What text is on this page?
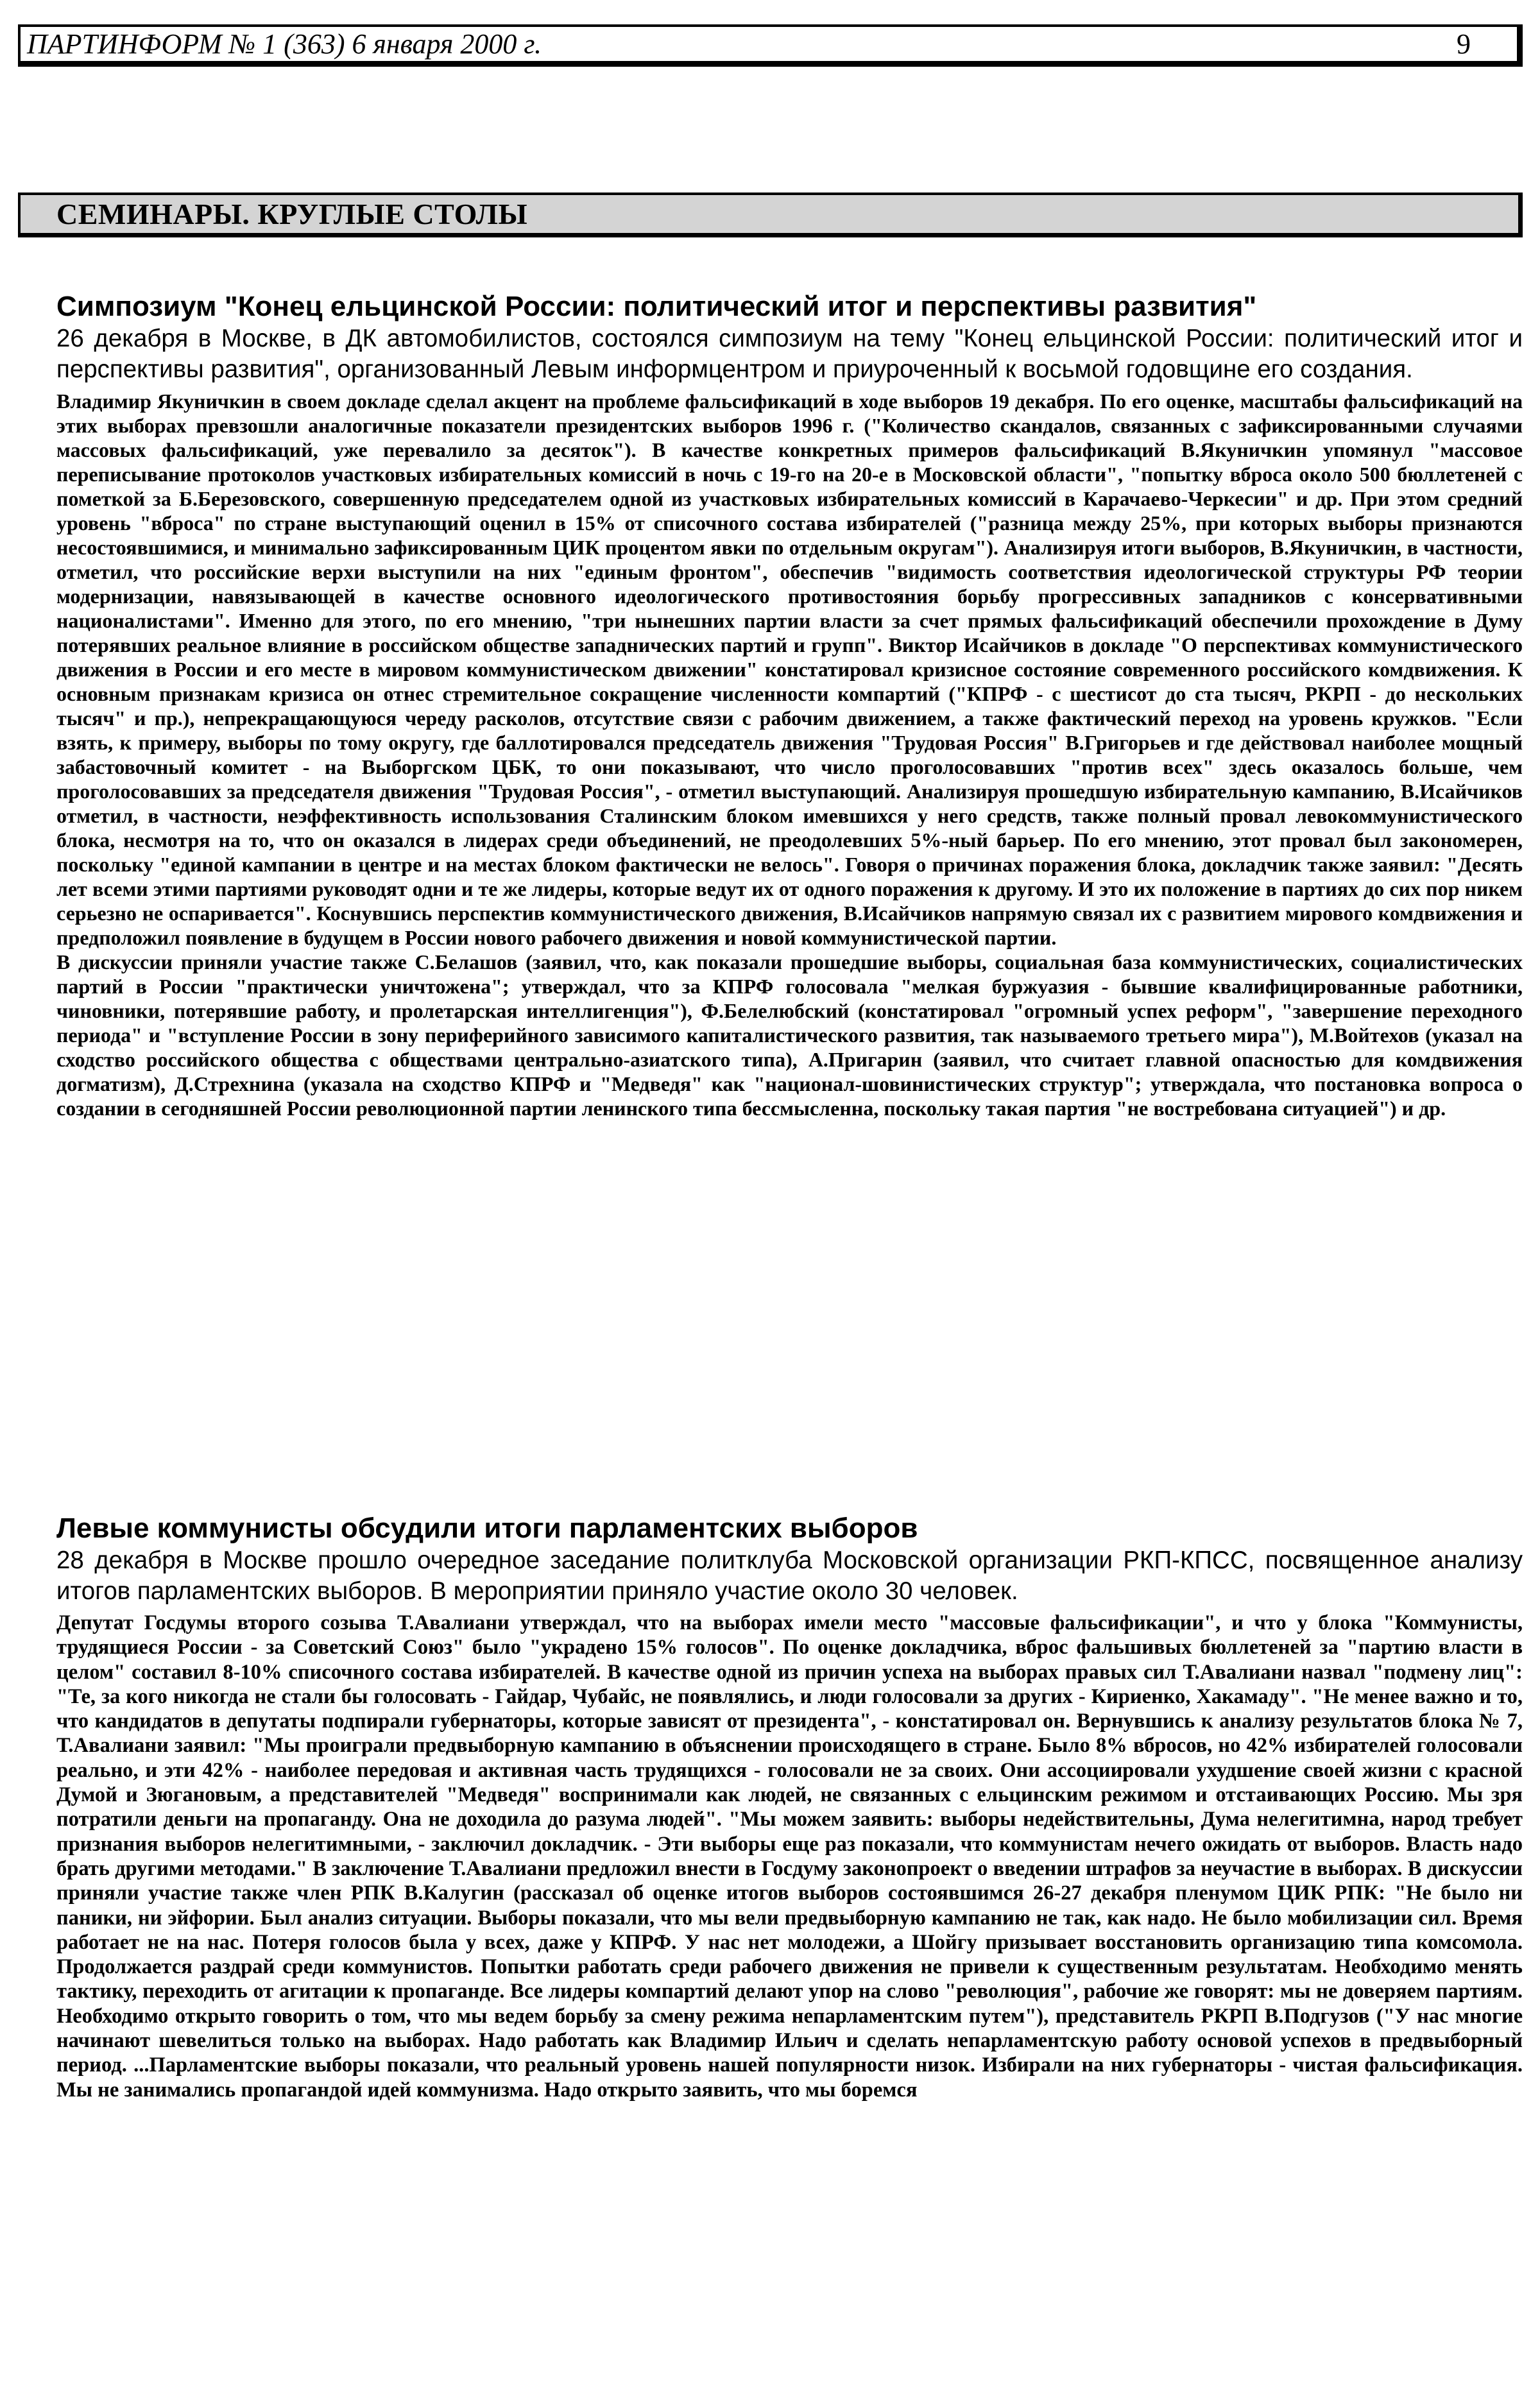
ПАРТИНФОРМ № 1 (363) 6 января 2000 г.	9
СЕМИНАРЫ. КРУГЛЫЕ СТОЛЫ
Симпозиум "Конец ельцинской России: политический итог и перспективы развития"

26 декабря в Москве, в ДК автомобилистов, состоялся симпозиум на тему "Конец ельцинской России: политический итог и перспективы развития", организованный Левым информцентром и приуроченный к восьмой годовщине его создания.

Владимир Якуничкин в своем докладе сделал акцент на проблеме фальсификаций в ходе выборов 19 декабря. По его оценке, масштабы фальсификаций на этих выборах превзошли аналогичные показатели президентских выборов 1996 г. ("Количество скандалов, связанных с зафиксированными случаями массовых фальсификаций, уже перевалило за десяток"). В качестве конкретных примеров фальсификаций В.Якуничкин упомянул "массовое переписывание протоколов участковых избирательных комиссий в ночь с 19-го на 20-е в Московской области", "попытку вброса около 500 бюллетеней с пометкой за Б.Березовского, совершенную председателем одной из участковых избирательных комиссий в Карачаево-Черкесии" и др. При этом средний уровень "вброса" по стране выступающий оценил в 15% от списочного состава избирателей ("разница между 25%, при которых выборы признаются несостоявшимися, и минимально зафиксированным ЦИК процентом явки по отдельным округам"). Анализируя итоги выборов, В.Якуничкин, в частности, отметил, что российские верхи выступили на них "единым фронтом", обеспечив "видимость соответствия идеологической структуры РФ теории модернизации, навязывающей в качестве основного идеологического противостояния борьбу прогрессивных западников с консервативными националистами". Именно для этого, по его мнению, "три нынешних партии власти за счет прямых фальсификаций обеспечили прохождение в Думу потерявших реальное влияние в российском обществе западнических партий и групп". Виктор Исайчиков в докладе "О перспективах коммунистического движения в России и его месте в мировом коммунистическом движении" констатировал кризисное состояние современного российского комдвижения. К основным признакам кризиса он отнес стремительное сокращение численности компартий ("КПРФ - с шестисот до ста тысяч, РКРП - до нескольких тысяч" и пр.), непрекращающуюся череду расколов, отсутствие связи с рабочим движением, а также фактический переход на уровень кружков. "Если взять, к примеру, выборы по тому округу, где баллотировался председатель движения "Трудовая Россия" В.Григорьев и где действовал наиболее мощный забастовочный комитет - на Выборгском ЦБК, то они показывают, что число проголосовавших "против всех" здесь оказалось больше, чем проголосовавших за председателя движения "Трудовая Россия", - отметил выступающий. Анализируя прошедшую избирательную кампанию, В.Исайчиков отметил, в частности, неэффективность использования Сталинским блоком имевшихся у него средств, также полный провал левокоммунистического блока, несмотря на то, что он оказался в лидерах среди объединений, не преодолевших 5%-ный барьер. По его мнению, этот провал был закономерен, поскольку "единой кампании в центре и на местах блоком фактически не велось". Говоря о причинах поражения блока, докладчик также заявил: "Десять лет всеми этими партиями руководят одни и те же лидеры, которые ведут их от одного поражения к другому. И это их положение в партиях до сих пор никем серьезно не оспаривается". Коснувшись перспектив коммунистического движения, В.Исайчиков напрямую связал их с развитием мирового комдвижения и предположил появление в будущем в России нового рабочего движения и новой коммунистической партии.

В дискуссии приняли участие также С.Белашов (заявил, что, как показали прошедшие выборы, социальная база коммунистических, социалистических партий в России "практически уничтожена"; утверждал, что за КПРФ голосовала "мелкая буржуазия - бывшие квалифицированные работники, чиновники, потерявшие работу, и пролетарская интеллигенция"), Ф.Белелюбский (констатировал "огромный успех реформ", "завершение переходного периода" и "вступление России в зону периферийного зависимого капиталистического развития, так называемого третьего мира"), М.Войтехов (указал на сходство российского общества с обществами центрально-азиатского типа), А.Пригарин (заявил, что считает главной опасностью для комдвижения догматизм), Д.Стрехнина (указала на сходство КПРФ и "Медведя" как "национал-шовинистических структур"; утверждала, что постановка вопроса о создании в сегодняшней России революционной партии ленинского типа бессмысленна, поскольку такая партия "не востребована ситуацией") и др.

Левые коммунисты обсудили итоги парламентских выборов

28 декабря в Москве прошло очередное заседание политклуба Московской организации РКП-КПСС, посвященное анализу итогов парламентских выборов. В мероприятии приняло участие около 30 человек.

Депутат Госдумы второго созыва Т.Авалиани утверждал, что на выборах имели место "массовые фальсификации", и что у блока "Коммунисты, трудящиеся России - за Советский Союз" было "украдено 15% голосов". По оценке докладчика, вброс фальшивых бюллетеней за "партию власти в целом" составил 8-10% списочного состава избирателей. В качестве одной из причин успеха на выборах правых сил Т.Авалиани назвал "подмену лиц": "Те, за кого никогда не стали бы голосовать - Гайдар, Чубайс, не появлялись, и люди голосовали за других - Кириенко, Хакамаду". "Не менее важно и то, что кандидатов в депутаты подпирали губернаторы, которые зависят от президента", - констатировал он. Вернувшись к анализу результатов блока № 7, Т.Авалиани заявил: "Мы проиграли предвыборную кампанию в объяснении происходящего в стране. Было 8% вбросов, но 42% избирателей голосовали реально, и эти 42% - наиболее передовая и активная часть трудящихся - голосовали не за своих. Они ассоциировали ухудшение своей жизни с красной Думой и Зюгановым, а представителей "Медведя" воспринимали как людей, не связанных с ельцинским режимом и отстаивающих Россию. Мы зря потратили деньги на пропаганду. Она не доходила до разума людей". "Мы можем заявить: выборы недействительны, Дума нелегитимна, народ требует признания выборов нелегитимными, - заключил докладчик. - Эти выборы еще раз показали, что коммунистам нечего ожидать от выборов. Власть надо брать другими методами." В заключение Т.Авалиани предложил внести в Госдуму законопроект о введении штрафов за неучастие в выборах. В дискуссии приняли участие также член РПК В.Калугин (рассказал об оценке итогов выборов состоявшимся 26-27 декабря пленумом ЦИК РПК: "Не было ни паники, ни эйфории. Был анализ ситуации. Выборы показали, что мы вели предвыборную кампанию не так, как надо. Не было мобилизации сил. Время работает не на нас. Потеря голосов была у всех, даже у КПРФ. У нас нет молодежи, а Шойгу призывает восстановить организацию типа комсомола. Продолжается раздрай среди коммунистов. Попытки работать среди рабочего движения не привели к существенным результатам. Необходимо менять тактику, переходить от агитации к пропаганде. Все лидеры компартий делают упор на слово "революция", рабочие же говорят: мы не доверяем партиям. Необходимо открыто говорить о том, что мы ведем борьбу за смену режима непарламентским путем"), представитель РКРП В.Подгузов ("У нас многие начинают шевелиться только на выборах. Надо работать как Владимир Ильич и сделать непарламентскую работу основой успехов в предвыборный период. ...Парламентские выборы показали, что реальный уровень нашей популярности низок. Избирали на них губернаторы - чистая фальсификация. Мы не занимались пропагандой идей коммунизма. Надо открыто заявить, что мы боремся
